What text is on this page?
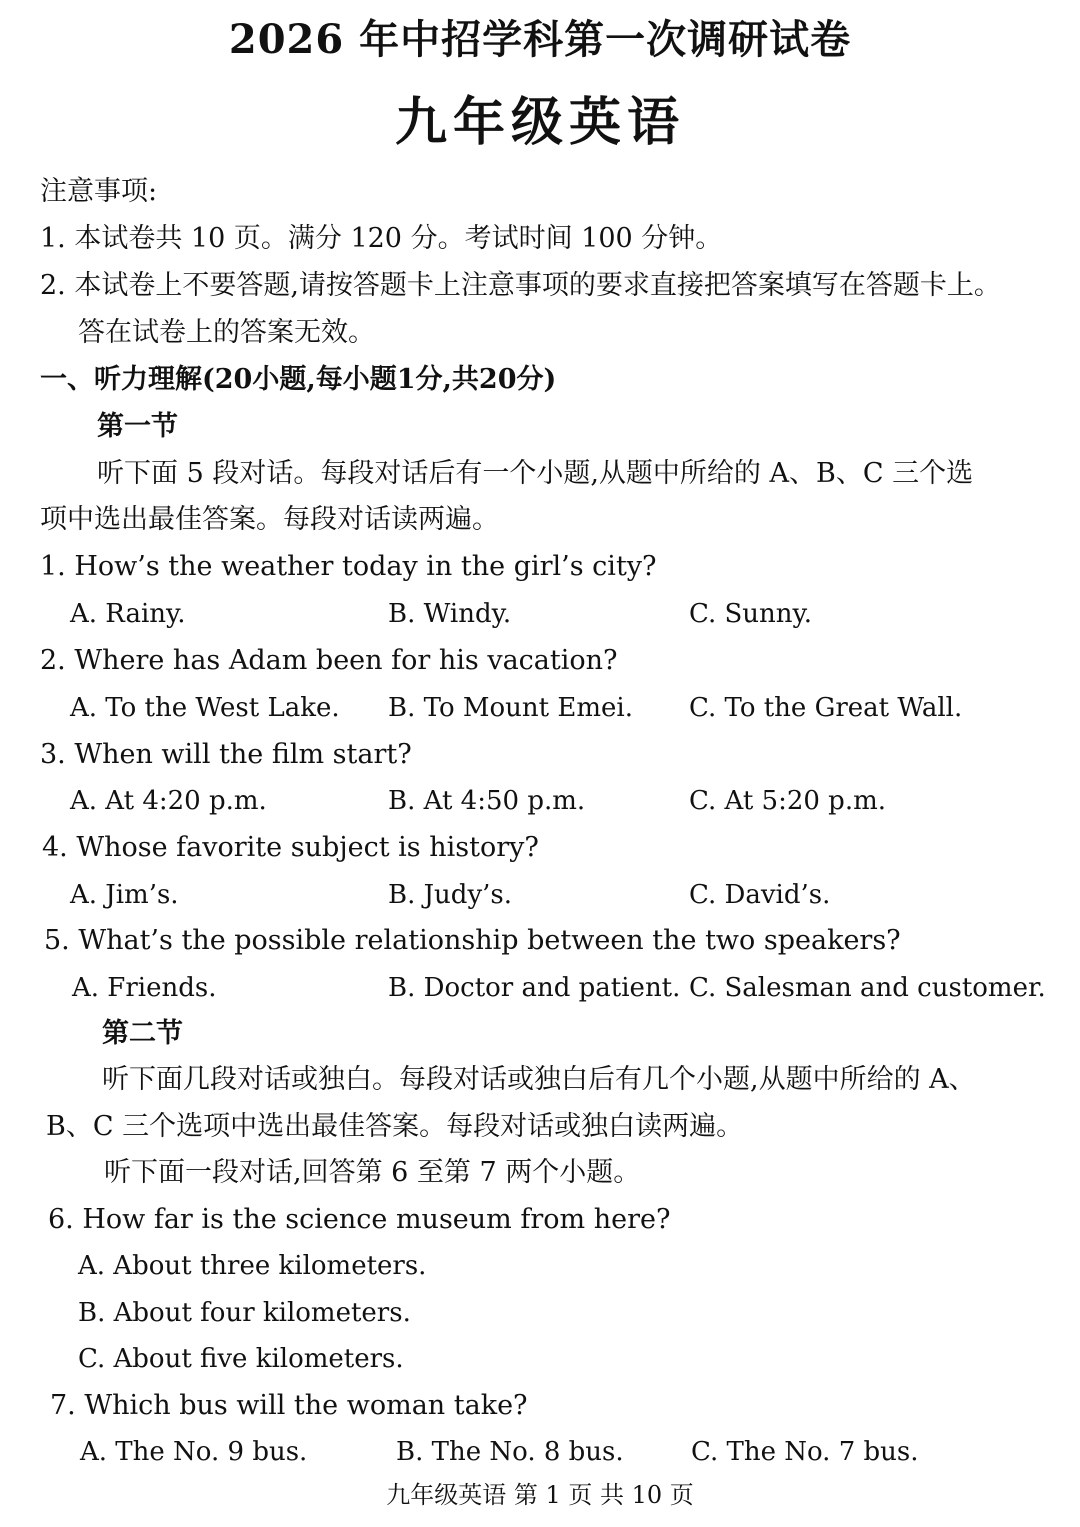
2026 年中招学科第一次调研试卷
九年级英语
注意事项:
1. 本试卷共 10 页。满分 120 分。考试时间 100 分钟。
2. 本试卷上不要答题,请按答题卡上注意事项的要求直接把答案填写在答题卡上。
答在试卷上的答案无效。
一、听力理解(20小题,每小题1分,共20分)
第一节
听下面 5 段对话。每段对话后有一个小题,从题中所给的 A、B、C 三个选
项中选出最佳答案。每段对话读两遍。
1. How’s the weather today in the girl’s city?
A. Rainy.	B. Windy.	C. Sunny.
2. Where has Adam been for his vacation?
A. To the West Lake. B. To Mount Emei. C. To the Great Wall.
3. When will the film start?
A. At 4:20 p.m.	B. At 4:50 p.m.	C. At 5:20 p.m.
4. Whose favorite subject is history?
A. Jim’s.	B. Judy’s.	C. David’s.
5. What’s the possible relationship between the two speakers?
A. Friends.	B. Doctor and patient. C. Salesman and customer.
第二节
听下面几段对话或独白。每段对话或独白后有几个小题,从题中所给的 A、
B、C 三个选项中选出最佳答案。每段对话或独白读两遍。
听下面一段对话,回答第 6 至第 7 两个小题。
6. How far is the science museum from here?
A. About three kilometers.
B. About four kilometers.
C. About five kilometers.
7. Which bus will the woman take?
A. The No. 9 bus.	B. The No. 8 bus.	C. The No. 7 bus.
九年级英语 第 1 页 共 10 页
